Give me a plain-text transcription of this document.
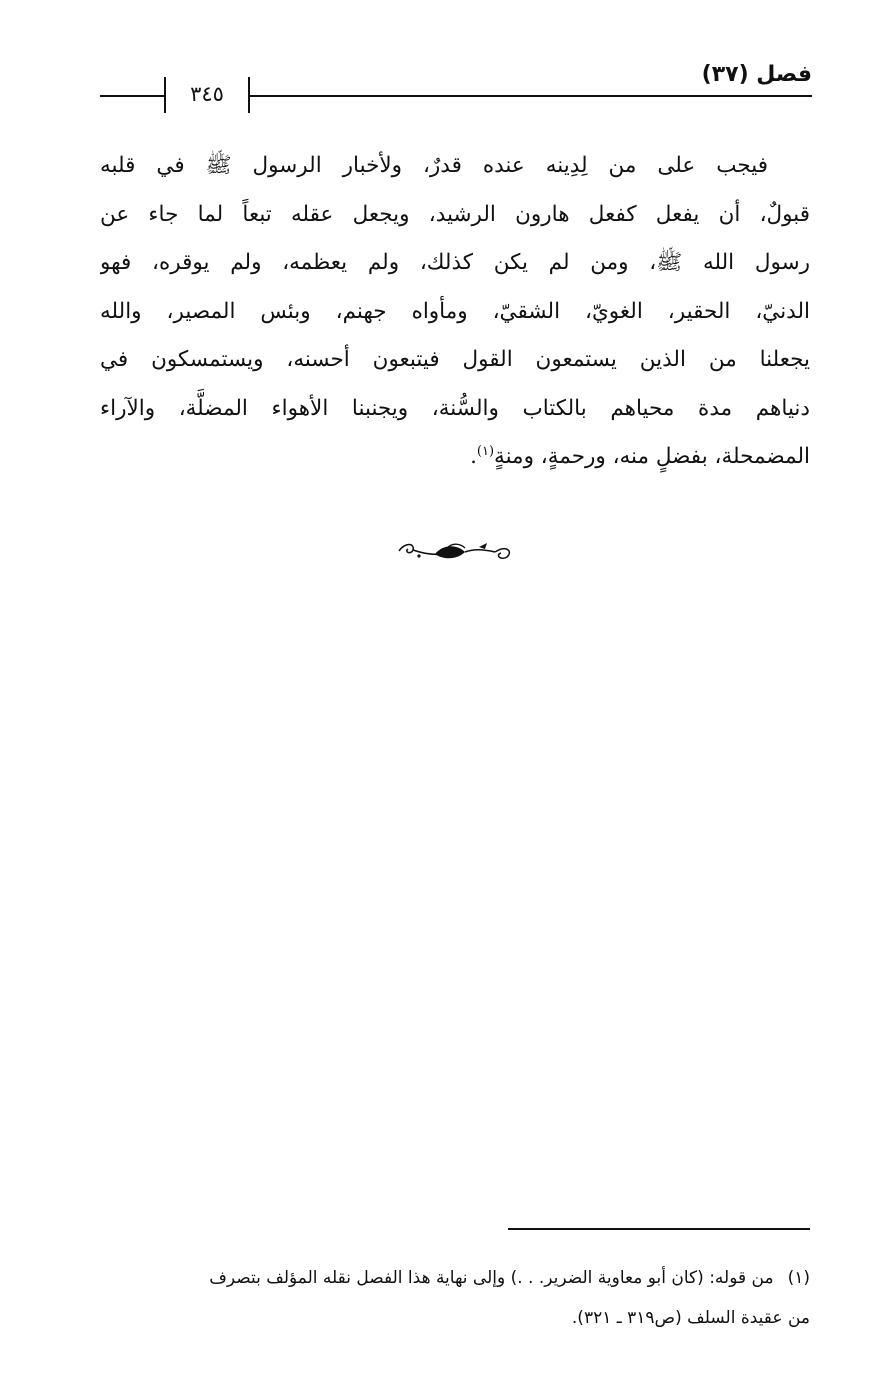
فصل (٣٧)
٣٤٥
فيجب على من لِدِينه عنده قدرٌ، ولأخبار الرسول ﷺ في قلبه
قبولٌ، أن يفعل كفعل هارون الرشيد، ويجعل عقله تبعاً لما جاء عن
رسول الله ﷺ، ومن لم يكن كذلك، ولم يعظمه، ولم يوقره، فهو
الدنيّ، الحقير، الغويّ، الشقيّ، ومأواه جهنم، وبئس المصير، والله
يجعلنا من الذين يستمعون القول فيتبعون أحسنه، ويستمسكون في
دنياهم مدة محياهم بالكتاب والسُّنة، ويجنبنا الأهواء المضلَّة، والآراء
المضمحلة، بفضلٍ منه، ورحمةٍ، ومنةٍ$^{(١)}$.
(١)من قوله: (كان أبو معاوية الضرير. . .) وإلى نهاية هذا الفصل نقله المؤلف بتصرف
من عقيدة السلف (ص٣١٩ ـ ٣٢١).
